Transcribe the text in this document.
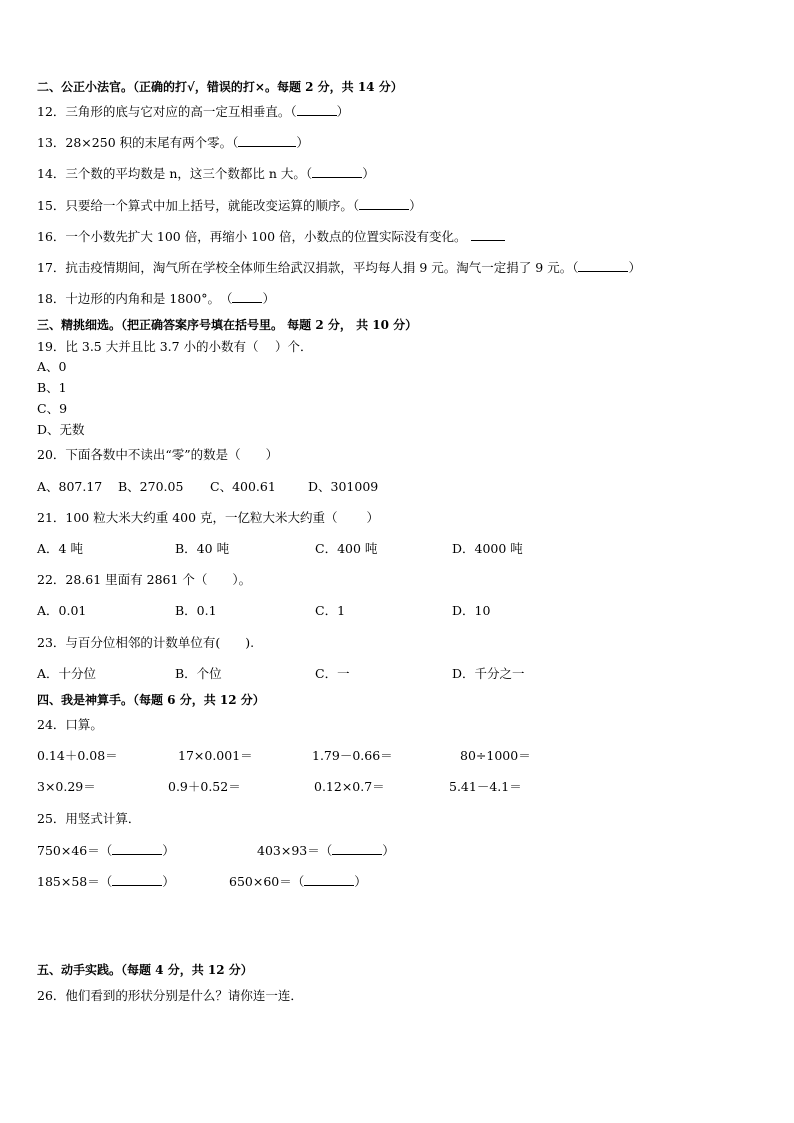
二、公正小法官。（正确的打√，错误的打×。每题 2 分，共 14 分）
12．三角形的底与它对应的高一定互相垂直。（	）
13．28×250 积的末尾有两个零。（	）
14．三个数的平均数是 n，这三个数都比 n 大。（	）
15．只要给一个算式中加上括号，就能改变运算的顺序。（	）
16．一个小数先扩大 100 倍，再缩小 100 倍，小数点的位置实际没有变化。
17．抗击疫情期间，淘气所在学校全体师生给武汉捐款，平均每人捐 9 元。淘气一定捐了 9 元。（	）
18．十边形的内角和是 1800°。　（ ）
三、精挑细选。（把正确答案序号填在括号里。 每题 2 分， 共 10 分）
19．比 3.5 大并且比 3.7 小的小数有（　 ）个．
A、0
B、1
C、9
D、无数
20．下面各数中不读出“零”的数是（　　）
A、807.17 B、270.05 C、400.61	D、301009
21．100 粒大米大约重 400 克，一亿粒大米大约重（　　 ）
A．4 吨	B．40 吨	C．400 吨	D．4000 吨
22．28.61 里面有 2861 个（　　）。
A．0.01	B．0.1	C．1	D．10
23．与百分位相邻的计数单位有(　　).
A．十分位	B．个位	C．一	D．千分之一
四、我是神算手。（每题 6 分，共 12 分）
24．口算。
0.14＋0.08＝	17×0.001＝	1.79－0.66＝	80÷1000＝
3×0.29＝	0.9＋0.52＝	0.12×0.7＝	5.41－4.1＝
25．用竖式计算．
750×46＝（	）	403×93＝（	）
185×58＝（	）	650×60＝（	）
五、动手实践。（每题 4 分，共 12 分）
26．他们看到的形状分别是什么？请你连一连．
